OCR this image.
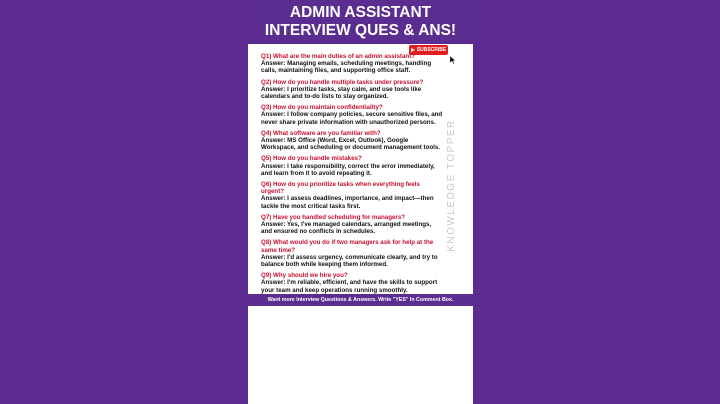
ADMIN ASSISTANT
INTERVIEW QUES & ANS!
SUBSCRIBE
Q1) What are the main duties of an admin assistant?
Answer: Managing emails, scheduling meetings, handling calls, maintaining files, and supporting office staff.
Q2) How do you handle multiple tasks under pressure?
Answer: I prioritize tasks, stay calm, and use tools like calendars and to-do lists to stay organized.
Q3) How do you maintain confidentiality?
Answer: I follow company policies, secure sensitive files, and never share private information with unauthorized persons.
Q4) What software are you familiar with?
Answer: MS Office (Word, Excel, Outlook), Google Workspace, and scheduling or document management tools.
Q5) How do you handle mistakes?
Answer: I take responsibility, correct the error immediately, and learn from it to avoid repeating it.
Q6) How do you prioritize tasks when everything feels urgent?
Answer: I assess deadlines, importance, and impact—then tackle the most critical tasks first.
Q7) Have you handled scheduling for managers?
Answer: Yes, I've managed calendars, arranged meetings, and ensured no conflicts in schedules.
Q8) What would you do if two managers ask for help at the same time?
Answer: I'd assess urgency, communicate clearly, and try to balance both while keeping them informed.
Q9) Why should we hire you?
Answer: I'm reliable, efficient, and have the skills to support your team and keep operations running smoothly.
KNOWLEDGE TOPPER
Want more Interview Questions & Answers. Write "YES" In Comment Box.
